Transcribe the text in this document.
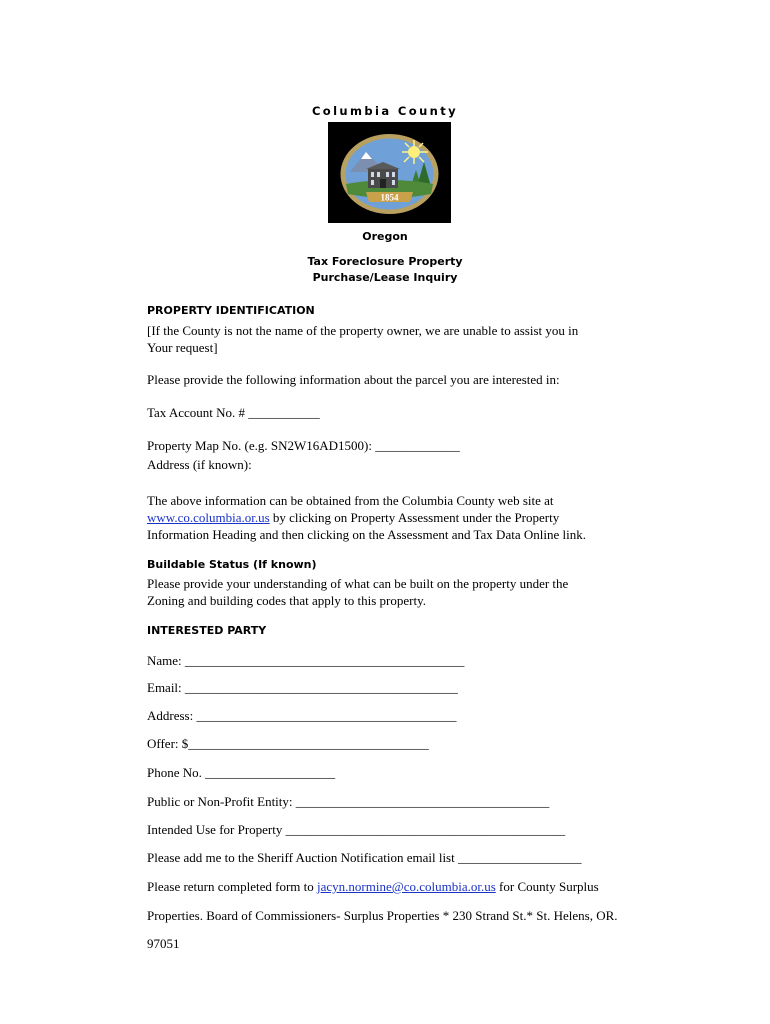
Columbia County
1854
Oregon
Tax Foreclosure Property
Purchase/Lease Inquiry
PROPERTY IDENTIFICATION
[If the County is not the name of the property owner, we are unable to assist you in
Your request]
Please provide the following information about the parcel you are interested in:
Tax Account No. # ___________
Property Map No. (e.g. SN2W16AD1500): _____________
Address (if known):
The above information can be obtained from the Columbia County web site at
www.co.columbia.or.us by clicking on Property Assessment under the Property
Information Heading and then clicking on the Assessment and Tax Data Online link.
Buildable Status (If known)
Please provide your understanding of what can be built on the property under the
Zoning and building codes that apply to this property.
INTERESTED PARTY
Name: ___________________________________________
Email: __________________________________________
Address: ________________________________________
Offer: $_____________________________________
Phone No. ____________________
Public or Non-Profit Entity: _______________________________________
Intended Use for Property ___________________________________________
Please add me to the Sheriff Auction Notification email list ___________________
Please return completed form to jacyn.normine@co.columbia.or.us for County Surplus
Properties. Board of Commissioners- Surplus Properties * 230 Strand St.* St. Helens, OR.
97051
